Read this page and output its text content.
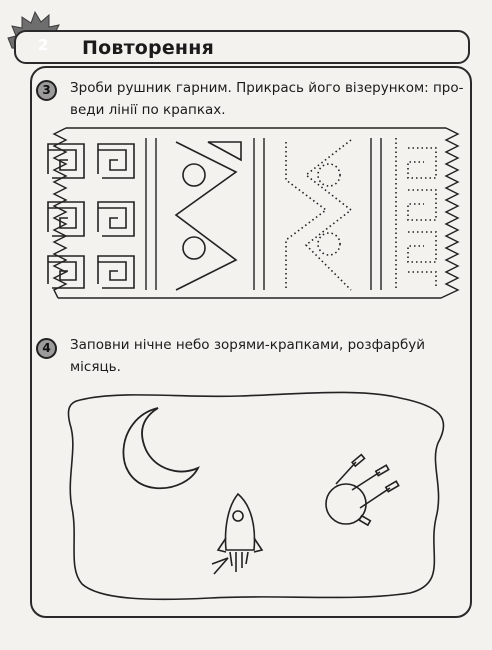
2 Повторення
3	Зроби рушник гарним. Прикрась його візерунком: про-
веди лінії по крапках.
4	Заповни нічне небо зорями-крапками, розфарбуй
місяць.
